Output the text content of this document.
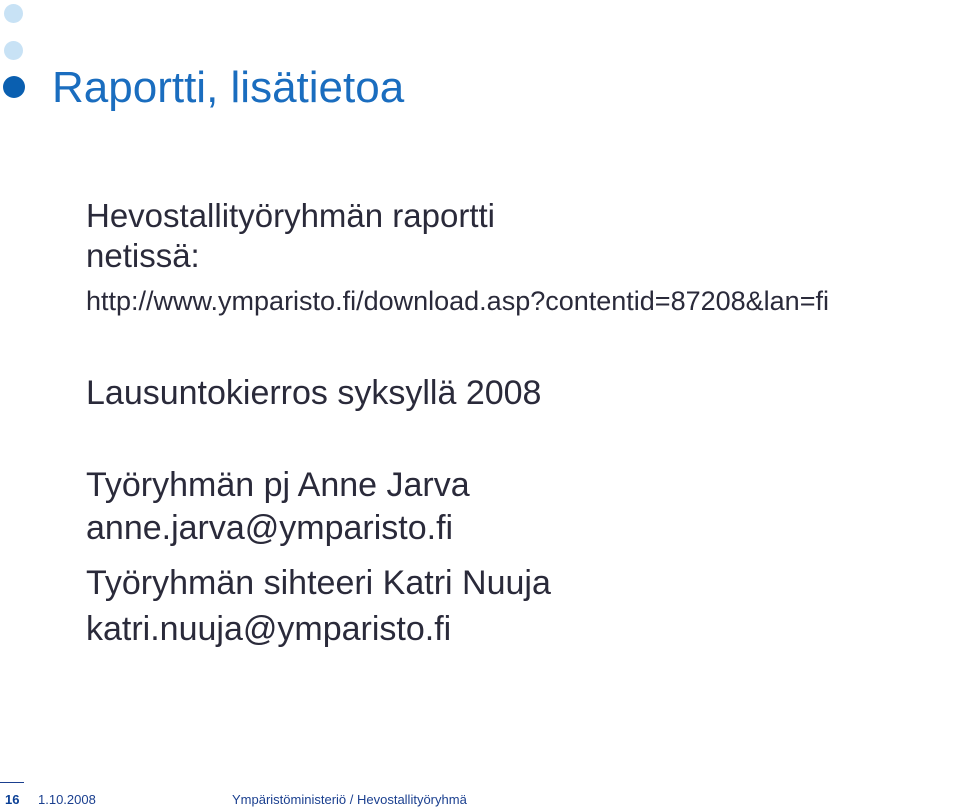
Raportti, lisätietoa
Hevostallityöryhmän raportti
netissä:
http://www.ymparisto.fi/download.asp?contentid=87208&lan=fi
Lausuntokierros syksyllä 2008
Työryhmän pj Anne Jarva
anne.jarva@ymparisto.fi
Työryhmän sihteeri Katri Nuuja
katri.nuuja@ymparisto.fi
16 1.10.2008	Ympäristöministeriö / Hevostallityöryhmä
